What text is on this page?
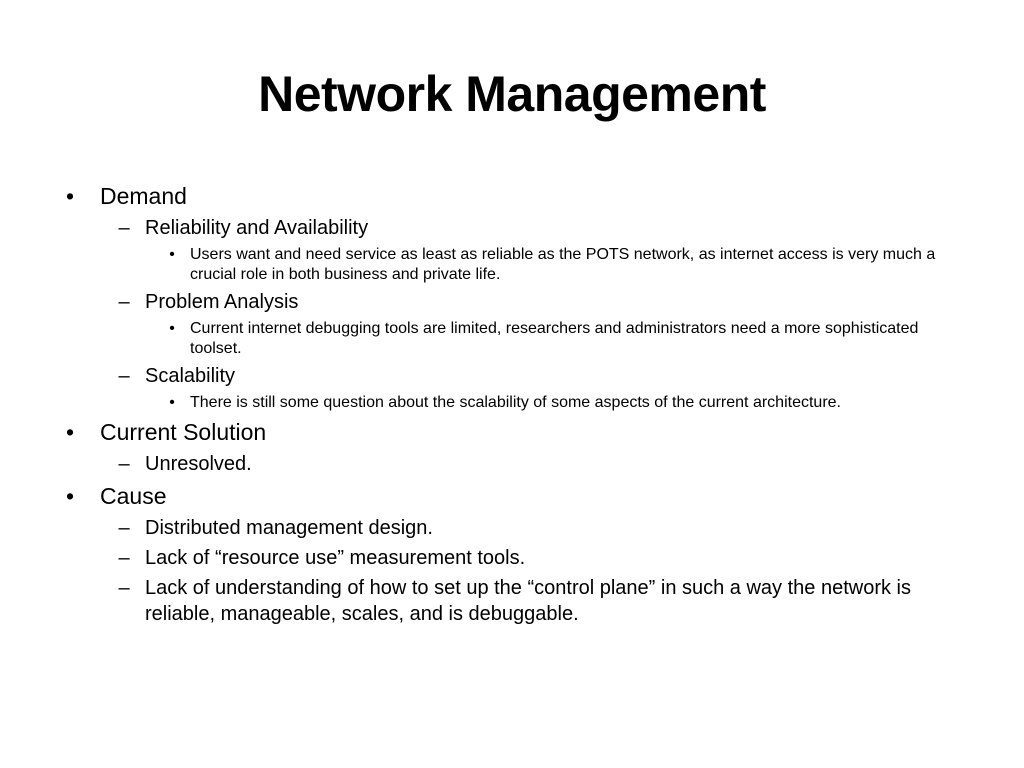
Network Management
• Demand
– Reliability and Availability
• Users want and need service as least as reliable as the POTS network, as internet access is very much a crucial role in both business and private life.
– Problem Analysis
• Current internet debugging tools are limited, researchers and administrators need a more sophisticated toolset.
– Scalability
• There is still some question about the scalability of some aspects of the current architecture.
• Current Solution
– Unresolved.
• Cause
– Distributed management design.
– Lack of “resource use” measurement tools.
– Lack of understanding of how to set up the “control plane” in such a way the network is reliable, manageable, scales, and is debuggable.
